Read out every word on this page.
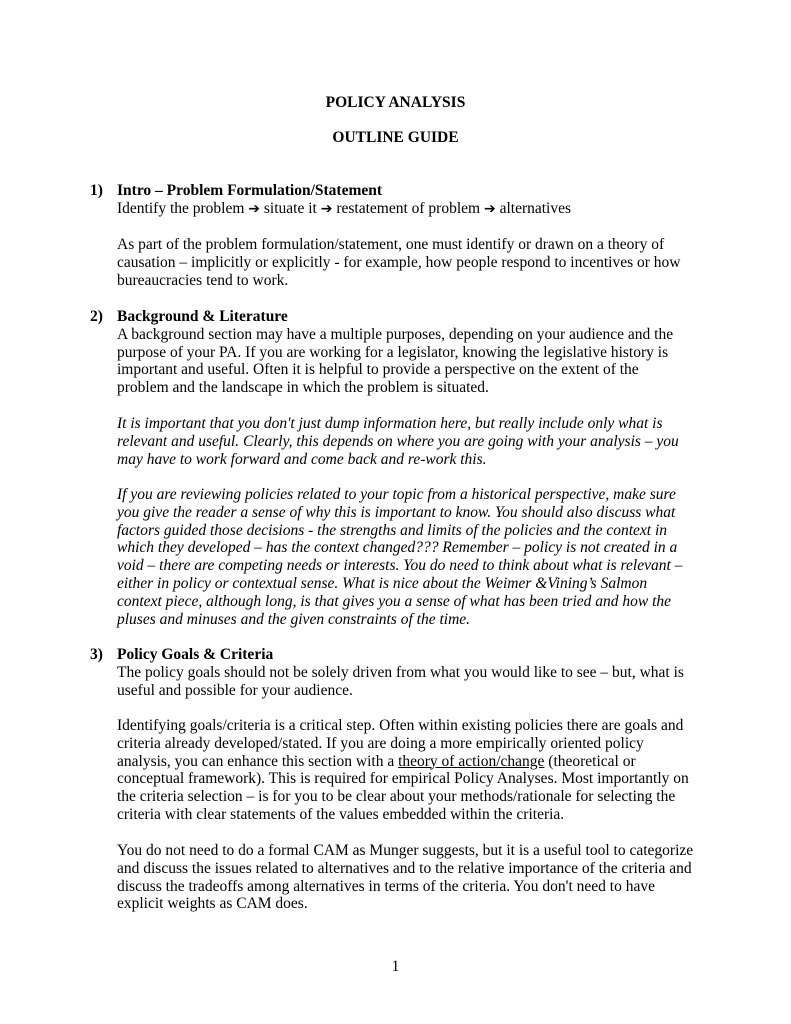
POLICY ANALYSIS
OUTLINE GUIDE
1) Intro – Problem Formulation/Statement
Identify the problem ➔ situate it ➔ restatement of problem ➔ alternatives
As part of the problem formulation/statement, one must identify or drawn on a theory of
causation – implicitly or explicitly - for example, how people respond to incentives or how
bureaucracies tend to work.
2) Background & Literature
A background section may have a multiple purposes, depending on your audience and the
purpose of your PA. If you are working for a legislator, knowing the legislative history is
important and useful. Often it is helpful to provide a perspective on the extent of the
problem and the landscape in which the problem is situated.
It is important that you don't just dump information here, but really include only what is
relevant and useful. Clearly, this depends on where you are going with your analysis – you
may have to work forward and come back and re-work this.
If you are reviewing policies related to your topic from a historical perspective, make sure
you give the reader a sense of why this is important to know. You should also discuss what
factors guided those decisions - the strengths and limits of the policies and the context in
which they developed – has the context changed??? Remember – policy is not created in a
void – there are competing needs or interests. You do need to think about what is relevant –
either in policy or contextual sense. What is nice about the Weimer &Vining’s Salmon
context piece, although long, is that gives you a sense of what has been tried and how the
pluses and minuses and the given constraints of the time.
3) Policy Goals & Criteria
The policy goals should not be solely driven from what you would like to see – but, what is
useful and possible for your audience.
Identifying goals/criteria is a critical step. Often within existing policies there are goals and
criteria already developed/stated. If you are doing a more empirically oriented policy
analysis, you can enhance this section with a theory of action/change (theoretical or
conceptual framework). This is required for empirical Policy Analyses. Most importantly on
the criteria selection – is for you to be clear about your methods/rationale for selecting the
criteria with clear statements of the values embedded within the criteria.
You do not need to do a formal CAM as Munger suggests, but it is a useful tool to categorize
and discuss the issues related to alternatives and to the relative importance of the criteria and
discuss the tradeoffs among alternatives in terms of the criteria. You don't need to have
explicit weights as CAM does.
1
